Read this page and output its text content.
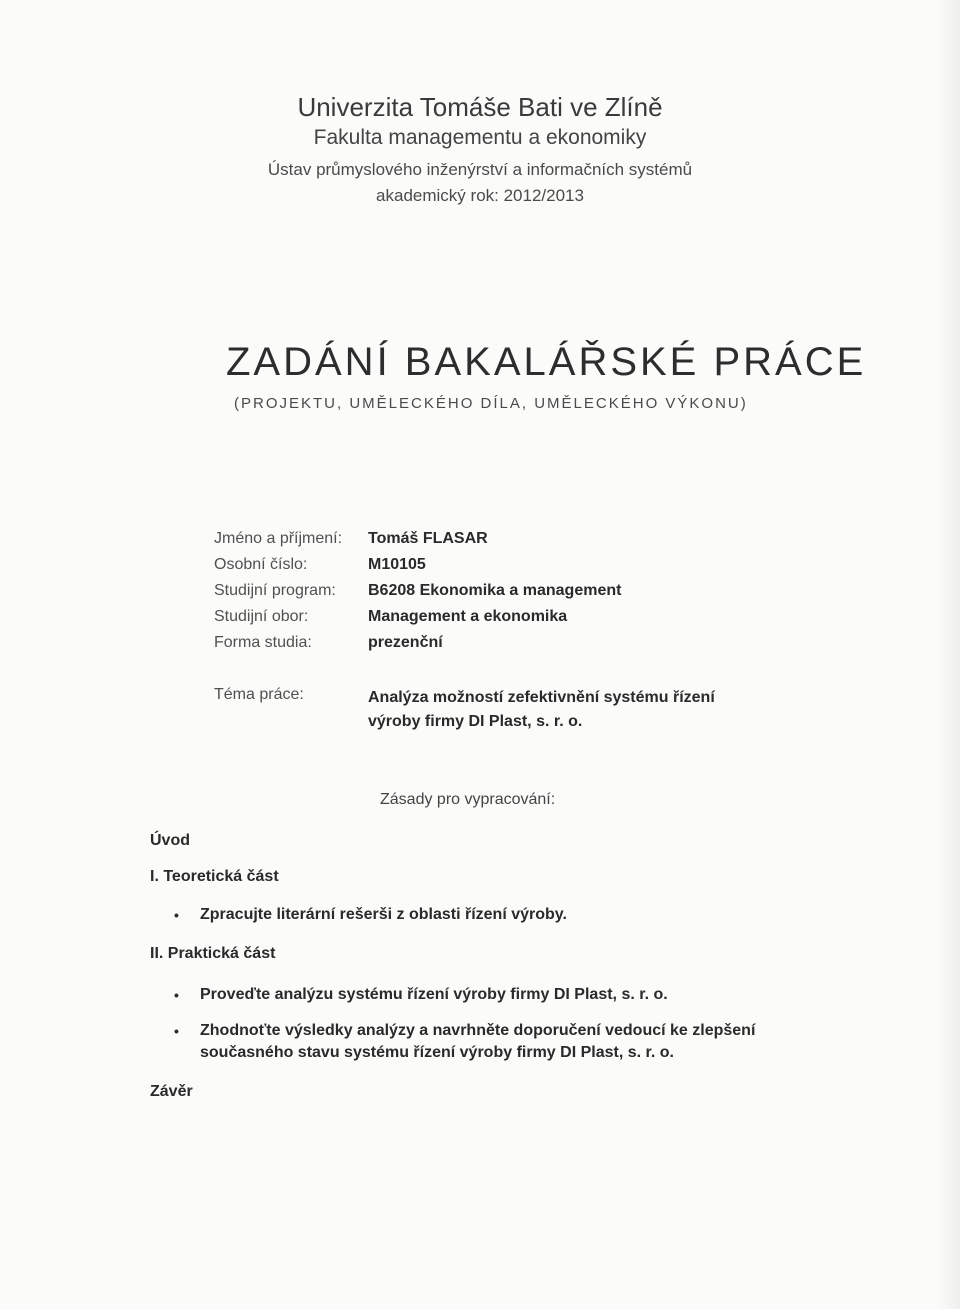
Univerzita Tomáše Bati ve Zlíně
Fakulta managementu a ekonomiky
Ústav průmyslového inženýrství a informačních systémů
akademický rok: 2012/2013
ZADÁNÍ BAKALÁŘSKÉ PRÁCE
(PROJEKTU, UMĚLECKÉHO DÍLA, UMĚLECKÉHO VÝKONU)
Jméno a příjmení:	Tomáš FLASAR
Osobní číslo:	M10105
Studijní program:	B6208 Ekonomika a management
Studijní obor:	Management a ekonomika
Forma studia:	prezenční
Téma práce:	Analýza možností zefektivnění systému řízení výroby firmy DI Plast, s. r. o.
Zásady pro vypracování:
Úvod
I. Teoretická část
•	Zpracujte literární rešerši z oblasti řízení výroby.
II. Praktická část
•	Proveďte analýzu systému řízení výroby firmy DI Plast, s. r. o.
•	Zhodnoťte výsledky analýzy a navrhněte doporučení vedoucí ke zlepšení současného stavu systému řízení výroby firmy DI Plast, s. r. o.
Závěr
